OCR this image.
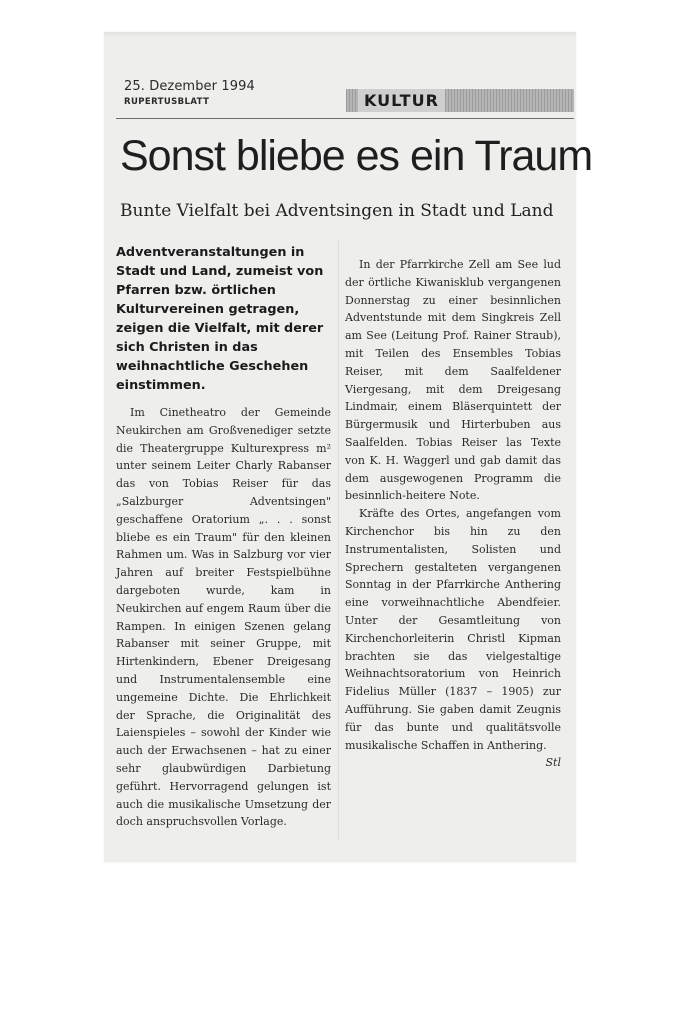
25. Dezember 1994
RUPERTUSBLATT	KULTUR
Sonst bliebe es ein Traum
Bunte Vielfalt bei Adventsingen in Stadt und Land
Adventveranstaltungen in Stadt und Land, zumeist von Pfarren bzw. örtlichen Kulturvereinen getragen, zeigen die Vielfalt, mit derer sich Christen in das weihnachtliche Geschehen einstimmen.

Im Cinetheatro der Gemeinde Neukirchen am Großvenediger setzte die Theatergruppe Kulturexpress m² unter seinem Leiter Charly Rabanser das von Tobias Reiser für das „Salzburger Adventsingen" geschaffene Oratorium „. . . sonst bliebe es ein Traum" für den kleinen Rahmen um. Was in Salzburg vor vier Jahren auf breiter Festspielbühne dargeboten wurde, kam in Neukirchen auf engem Raum über die Rampen. In einigen Szenen gelang Rabanser mit seiner Gruppe, mit Hirtenkindern, Ebener Dreigesang und Instrumentalensemble eine ungemeine Dichte. Die Ehrlichkeit der Sprache, die Originalität des Laienspieles – sowohl der Kinder wie auch der Erwachsenen – hat zu einer sehr glaubwürdigen Darbietung geführt. Hervorragend gelungen ist auch die musikalische Umsetzung der doch anspruchsvollen Vorlage.

In der Pfarrkirche Zell am See lud der örtliche Kiwanisklub vergangenen Donnerstag zu einer besinnlichen Adventstunde mit dem Singkreis Zell am See (Leitung Prof. Rainer Straub), mit Teilen des Ensembles Tobias Reiser, mit dem Saalfeldener Viergesang, mit dem Dreigesang Lindmair, einem Bläserquintett der Bürgermusik und Hirterbuben aus Saalfelden. Tobias Reiser las Texte von K. H. Waggerl und gab damit das dem ausgewogenen Programm die besinnlich-heitere Note.

Kräfte des Ortes, angefangen vom Kirchenchor bis hin zu den Instrumentalisten, Solisten und Sprechern gestalteten vergangenen Sonntag in der Pfarrkirche Anthering eine vorweihnachtliche Abendfeier. Unter der Gesamtleitung von Kirchenchorleiterin Christl Kipman brachten sie das vielgestaltige Weihnachtsoratorium von Heinrich Fidelius Müller (1837 – 1905) zur Aufführung. Sie gaben damit Zeugnis für das bunte und qualitätsvolle musikalische Schaffen in Anthering.
Stl
